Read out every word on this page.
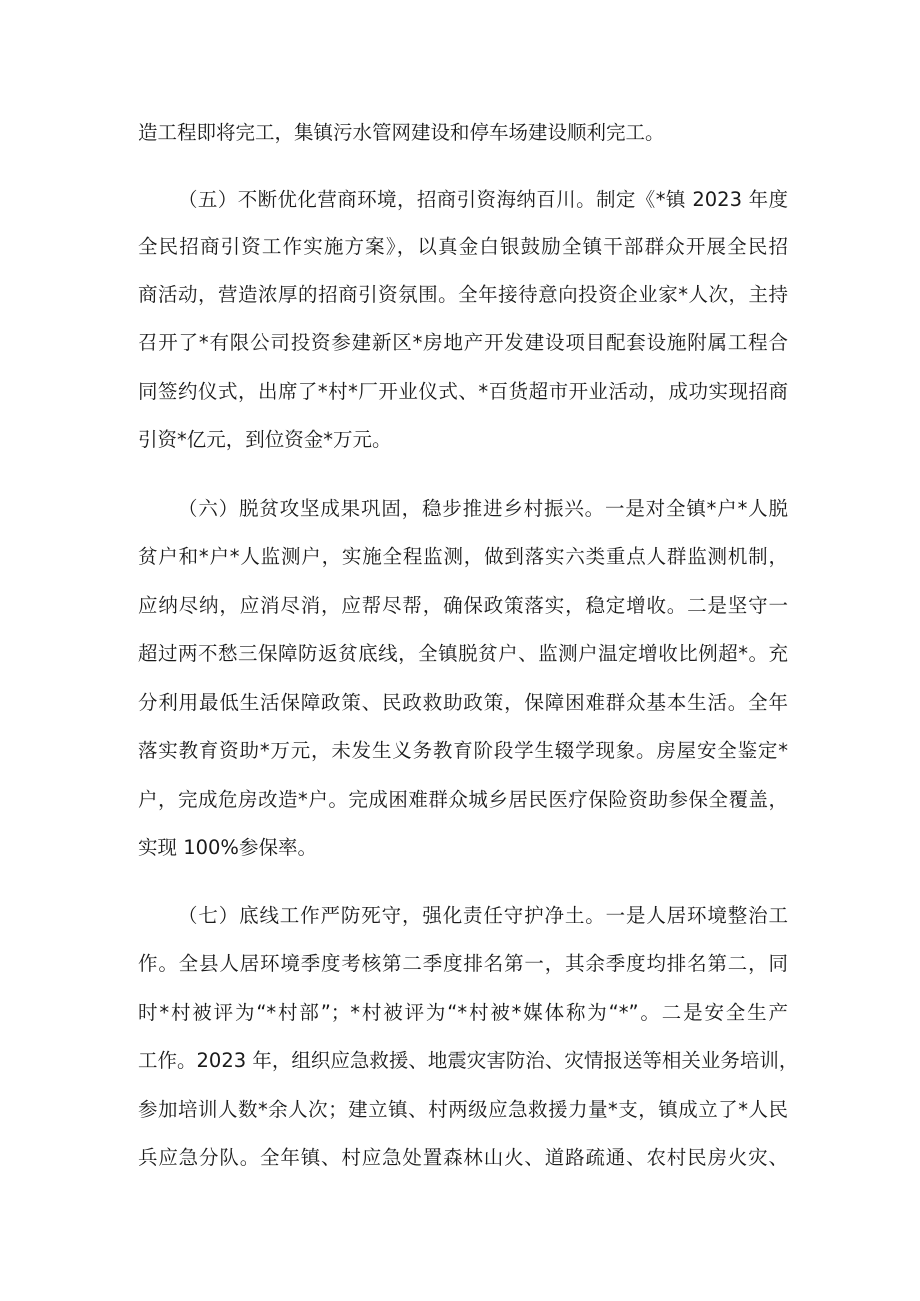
造工程即将完工，集镇污水管网建设和停车场建设顺利完工。
（五）不断优化营商环境，招商引资海纳百川。制定《*镇 2023 年度
全民招商引资工作实施方案》，以真金白银鼓励全镇干部群众开展全民招
商活动，营造浓厚的招商引资氛围。全年接待意向投资企业家*人次，主持
召开了*有限公司投资参建新区*房地产开发建设项目配套设施附属工程合
同签约仪式，出席了*村*厂开业仪式、*百货超市开业活动，成功实现招商
引资*亿元，到位资金*万元。
（六）脱贫攻坚成果巩固，稳步推进乡村振兴。一是对全镇*户*人脱
贫户和*户*人监测户，实施全程监测，做到落实六类重点人群监测机制，
应纳尽纳，应消尽消，应帮尽帮，确保政策落实，稳定增收。二是坚守一
超过两不愁三保障防返贫底线，全镇脱贫户、监测户温定增收比例超*。充
分利用最低生活保障政策、民政救助政策，保障困难群众基本生活。全年
落实教育资助*万元，未发生义务教育阶段学生辍学现象。房屋安全鉴定*
户，完成危房改造*户。完成困难群众城乡居民医疗保险资助参保全覆盖，
实现 100%参保率。
（七）底线工作严防死守，强化责任守护净土。一是人居环境整治工
作。全县人居环境季度考核第二季度排名第一，其余季度均排名第二，同
时*村被评为“*村部”；*村被评为“*村被*媒体称为“*”。二是安全生产
工作。2023 年，组织应急救援、地震灾害防治、灾情报送等相关业务培训，
参加培训人数*余人次；建立镇、村两级应急救援力量*支，镇成立了*人民
兵应急分队。全年镇、村应急处置森林山火、道路疏通、农村民房火灾、
